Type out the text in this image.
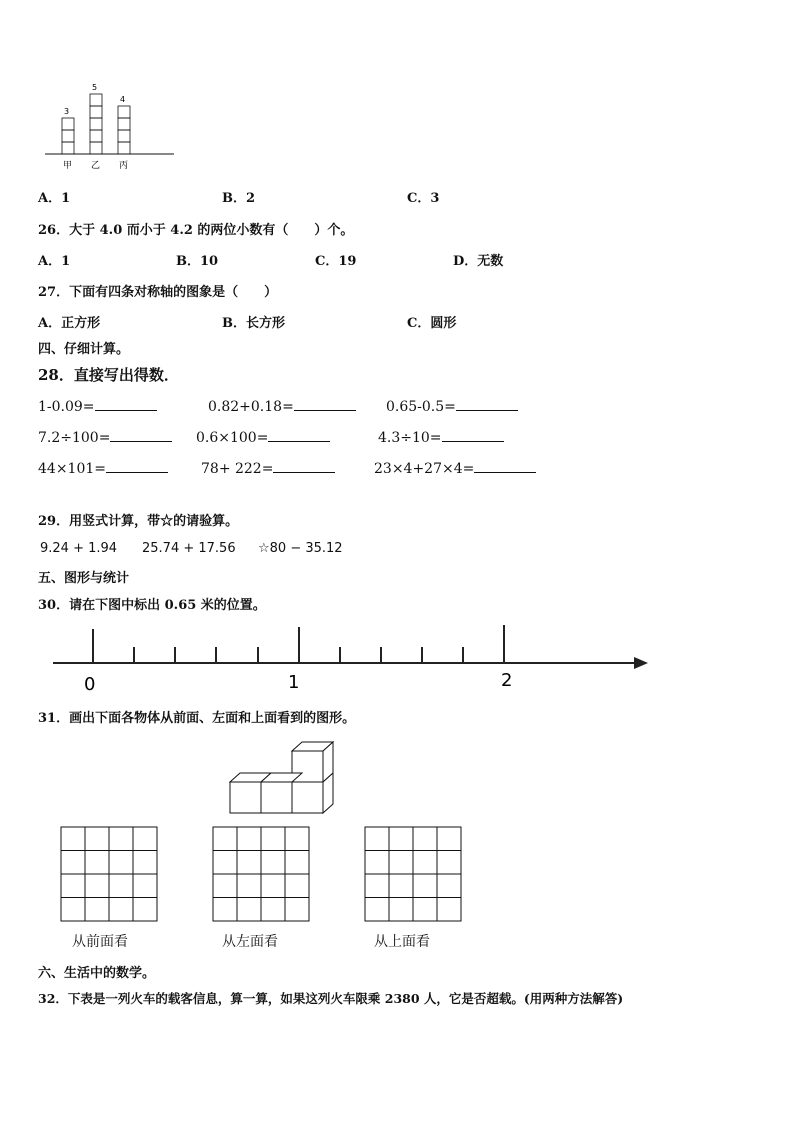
3
5
4
甲 乙 丙
A．1	B．2	C．3
26．大于 4.0 而小于 4.2 的两位小数有（　　）个。
A．1	B．10	C．19	D．无数
27．下面有四条对称轴的图象是（　　）
A．正方形	B．长方形	C．圆形
四、仔细计算。
28．直接写出得数．
1-0.09=	0.82+0.18=	0.65-0.5=
7.2÷100=	0.6×100=	4.3÷10=
44×101=	78+ 222=	23×4+27×4=
29．用竖式计算，带☆的请验算。
9.24 + 1.94 25.74 + 17.56 ☆80 − 35.12
五、图形与统计
30．请在下图中标出 0.65 米的位置。
0	1	2
31．画出下面各物体从前面、左面和上面看到的图形。
从前面看	从左面看	从上面看
六、生活中的数学。
32．下表是一列火车的载客信息，算一算，如果这列火车限乘 2380 人，它是否超载。(用两种方法解答)
